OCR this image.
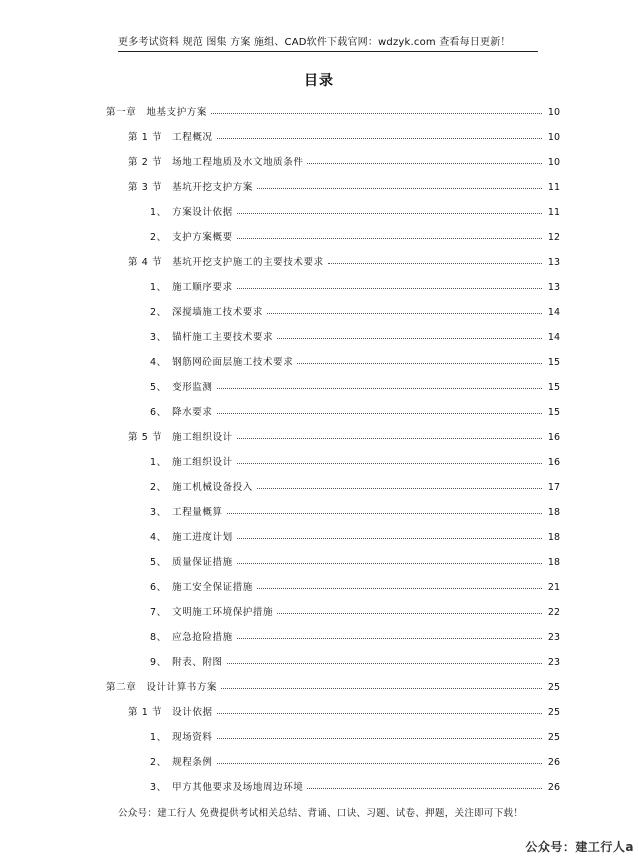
更多考试资料 规范 图集 方案 施组、CAD软件下载官网：wdzyk.com 查看每日更新！
目录
第一章　地基支护方案	10
第 1 节　工程概况	10
第 2 节　场地工程地质及水文地质条件	10
第 3 节　基坑开挖支护方案	11
1、　方案设计依据	11
2、　支护方案概要	12
第 4 节　基坑开挖支护施工的主要技术要求	13
1、　施工顺序要求	13
2、　深搅墙施工技术要求	14
3、　锚杆施工主要技术要求	14
4、　钢筋网砼面层施工技术要求	15
5、　变形监测	15
6、　降水要求	15
第 5 节　施工组织设计	16
1、　施工组织设计	16
2、　施工机械设备投入	17
3、　工程量概算	18
4、　施工进度计划	18
5、　质量保证措施	18
6、　施工安全保证措施	21
7、　文明施工环境保护措施	22
8、　应急抢险措施	23
9、　附表、附图	23
第二章　设计计算书方案	25
第 1 节　设计依据	25
1、　现场资料	25
2、　规程条例	26
3、　甲方其他要求及场地周边环境	26
公众号：建工行人 免费提供考试相关总结、背诵、口诀、习题、试卷、押题，关注即可下载！
公众号：建工行人a
